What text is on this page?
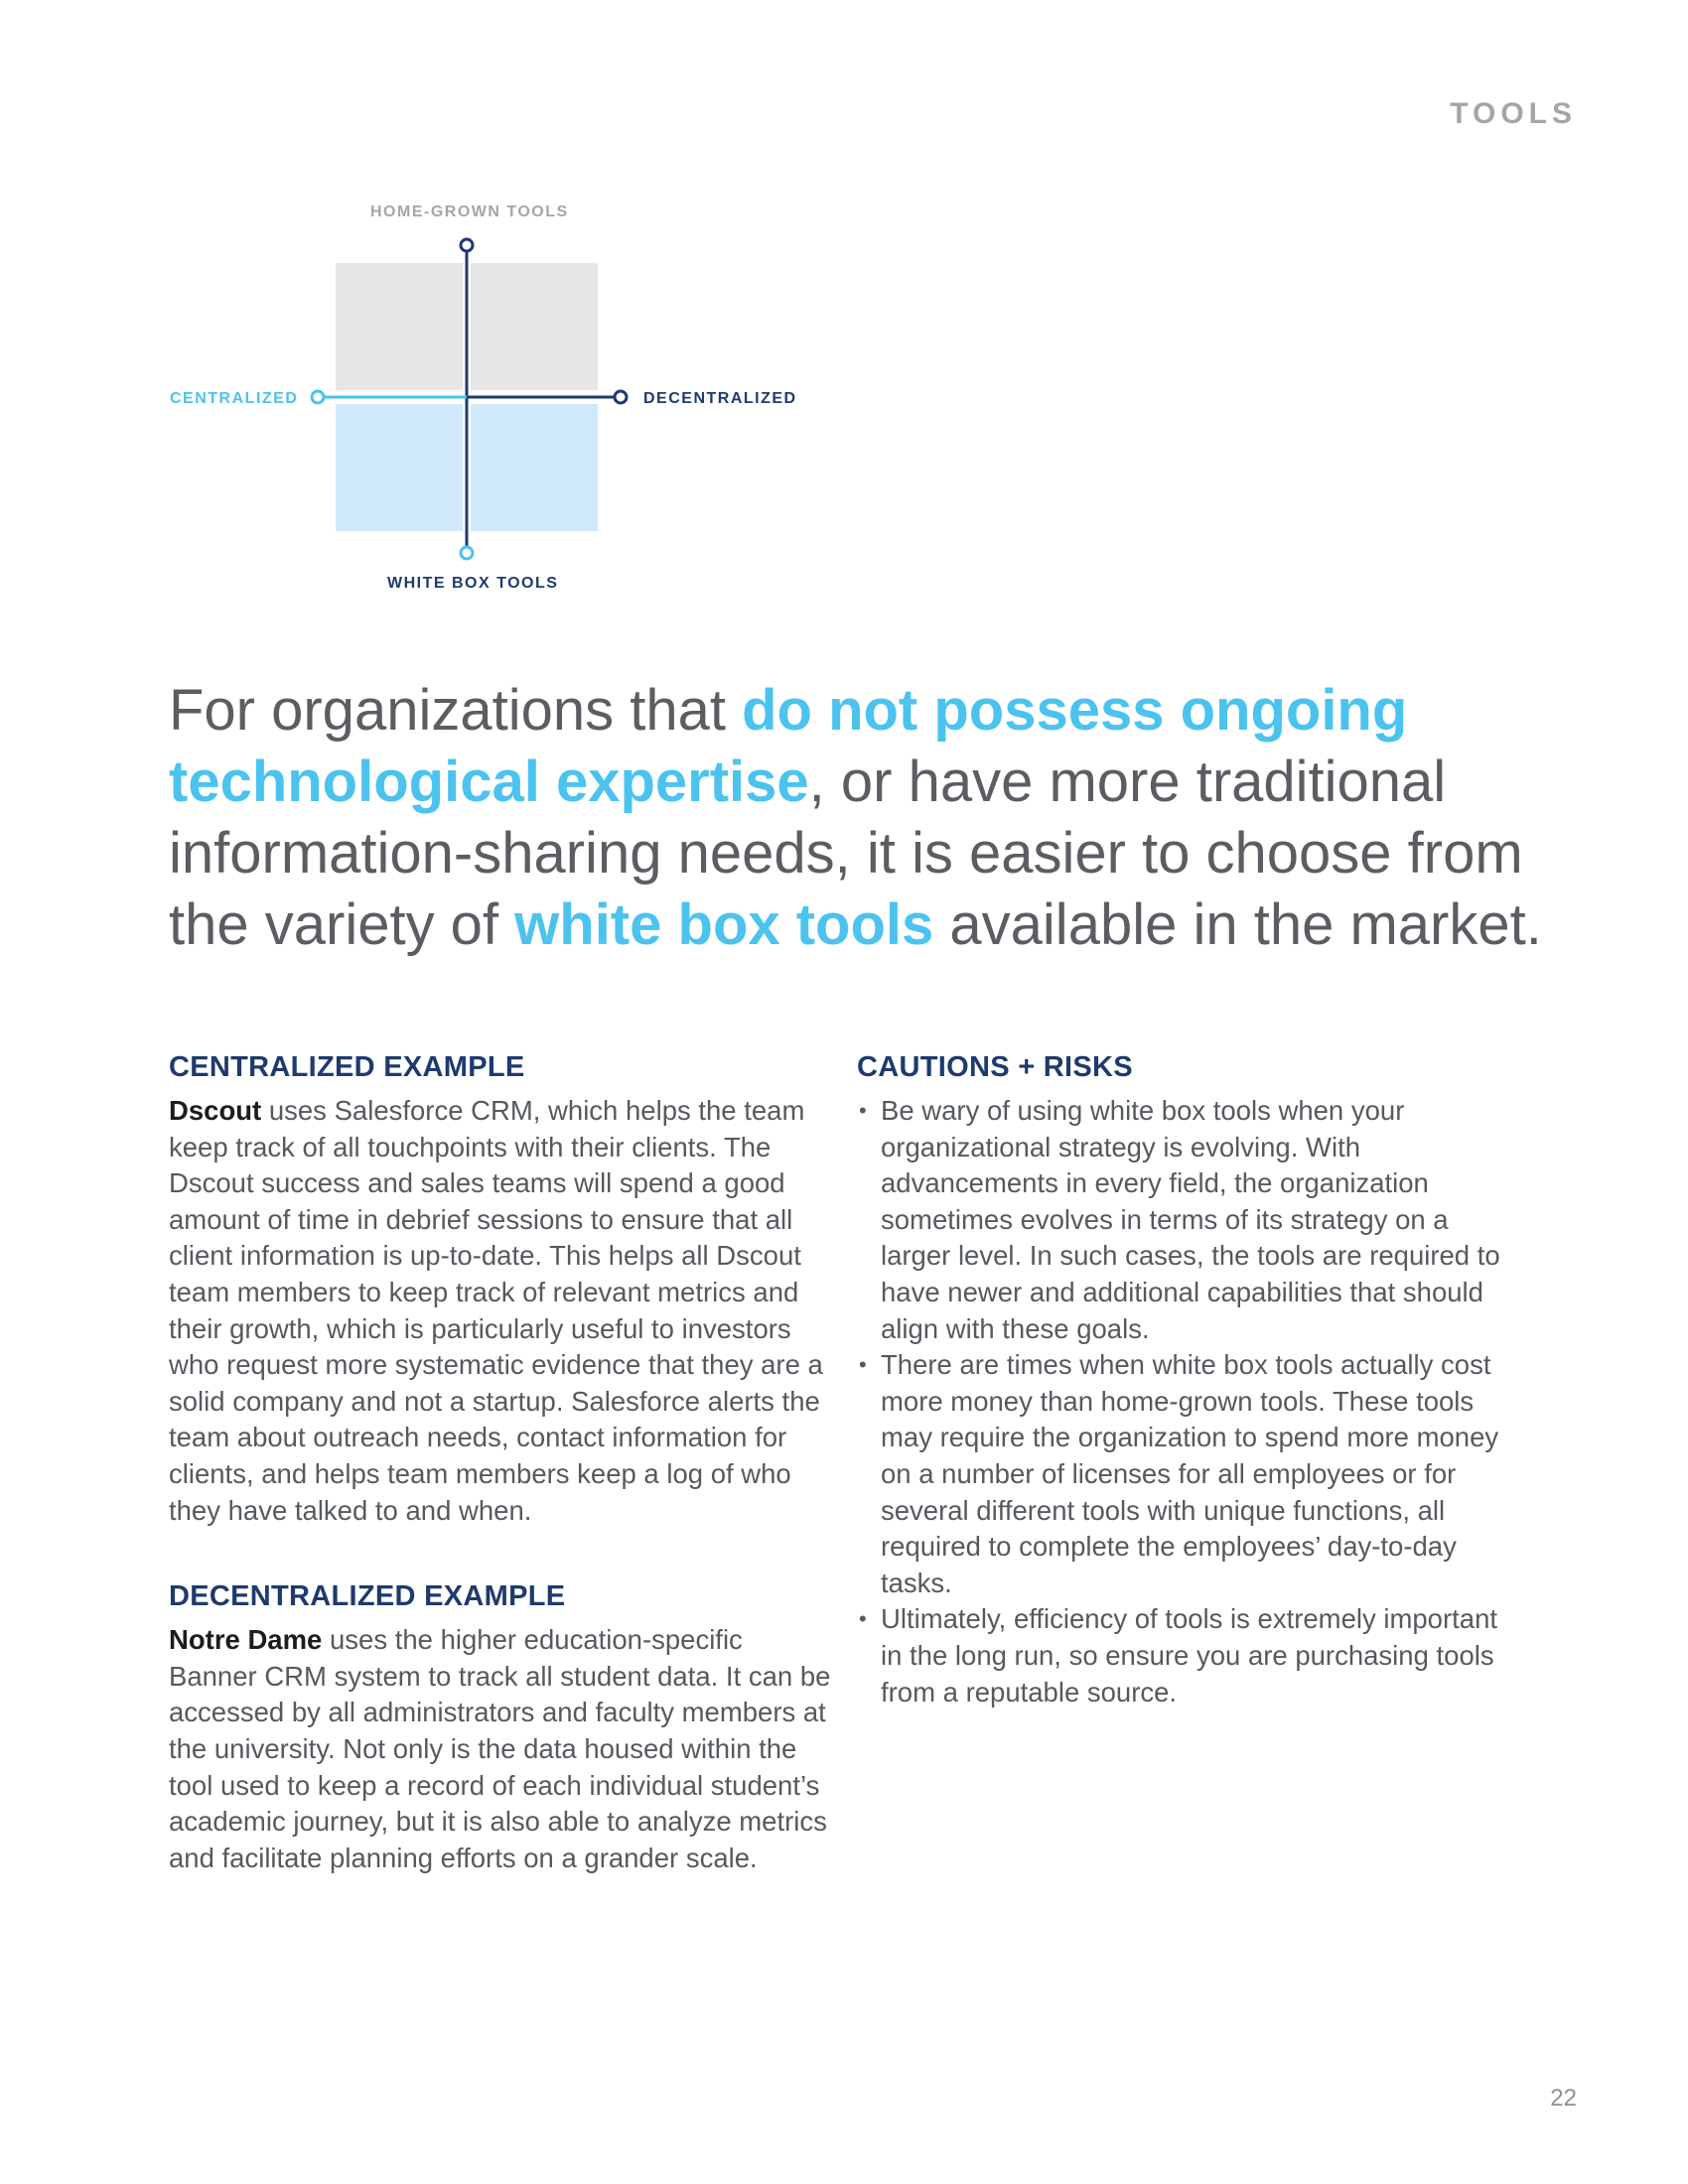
TOOLS
HOME-GROWN TOOLS
CENTRALIZED	DECENTRALIZED
WHITE BOX TOOLS
For organizations that do not possess ongoing technological expertise, or have more traditional information-sharing needs, it is easier to choose from the variety of white box tools available in the market.
CENTRALIZED EXAMPLE

Dscout uses Salesforce CRM, which helps the team keep track of all touchpoints with their clients. The Dscout success and sales teams will spend a good amount of time in debrief sessions to ensure that all client information is up-to-date. This helps all Dscout team members to keep track of relevant metrics and their growth, which is particularly useful to investors who request more systematic evidence that they are a solid company and not a startup. Salesforce alerts the team about outreach needs, contact information for clients, and helps team members keep a log of who they have talked to and when.

DECENTRALIZED EXAMPLE

Notre Dame uses the higher education-specific Banner CRM system to track all student data. It can be accessed by all administrators and faculty members at the university. Not only is the data housed within the tool used to keep a record of each individual student’s academic journey, but it is also able to analyze metrics and facilitate planning efforts on a grander scale.

CAUTIONS + RISKS
• Be wary of using white box tools when your organizational strategy is evolving. With advancements in every field, the organization sometimes evolves in terms of its strategy on a larger level. In such cases, the tools are required to have newer and additional capabilities that should align with these goals.
• There are times when white box tools actually cost more money than home-grown tools. These tools may require the organization to spend more money on a number of licenses for all employees or for several different tools with unique functions, all required to complete the employees’ day-to-day tasks.
• Ultimately, efficiency of tools is extremely important in the long run, so ensure you are purchasing tools from a reputable source.
22
